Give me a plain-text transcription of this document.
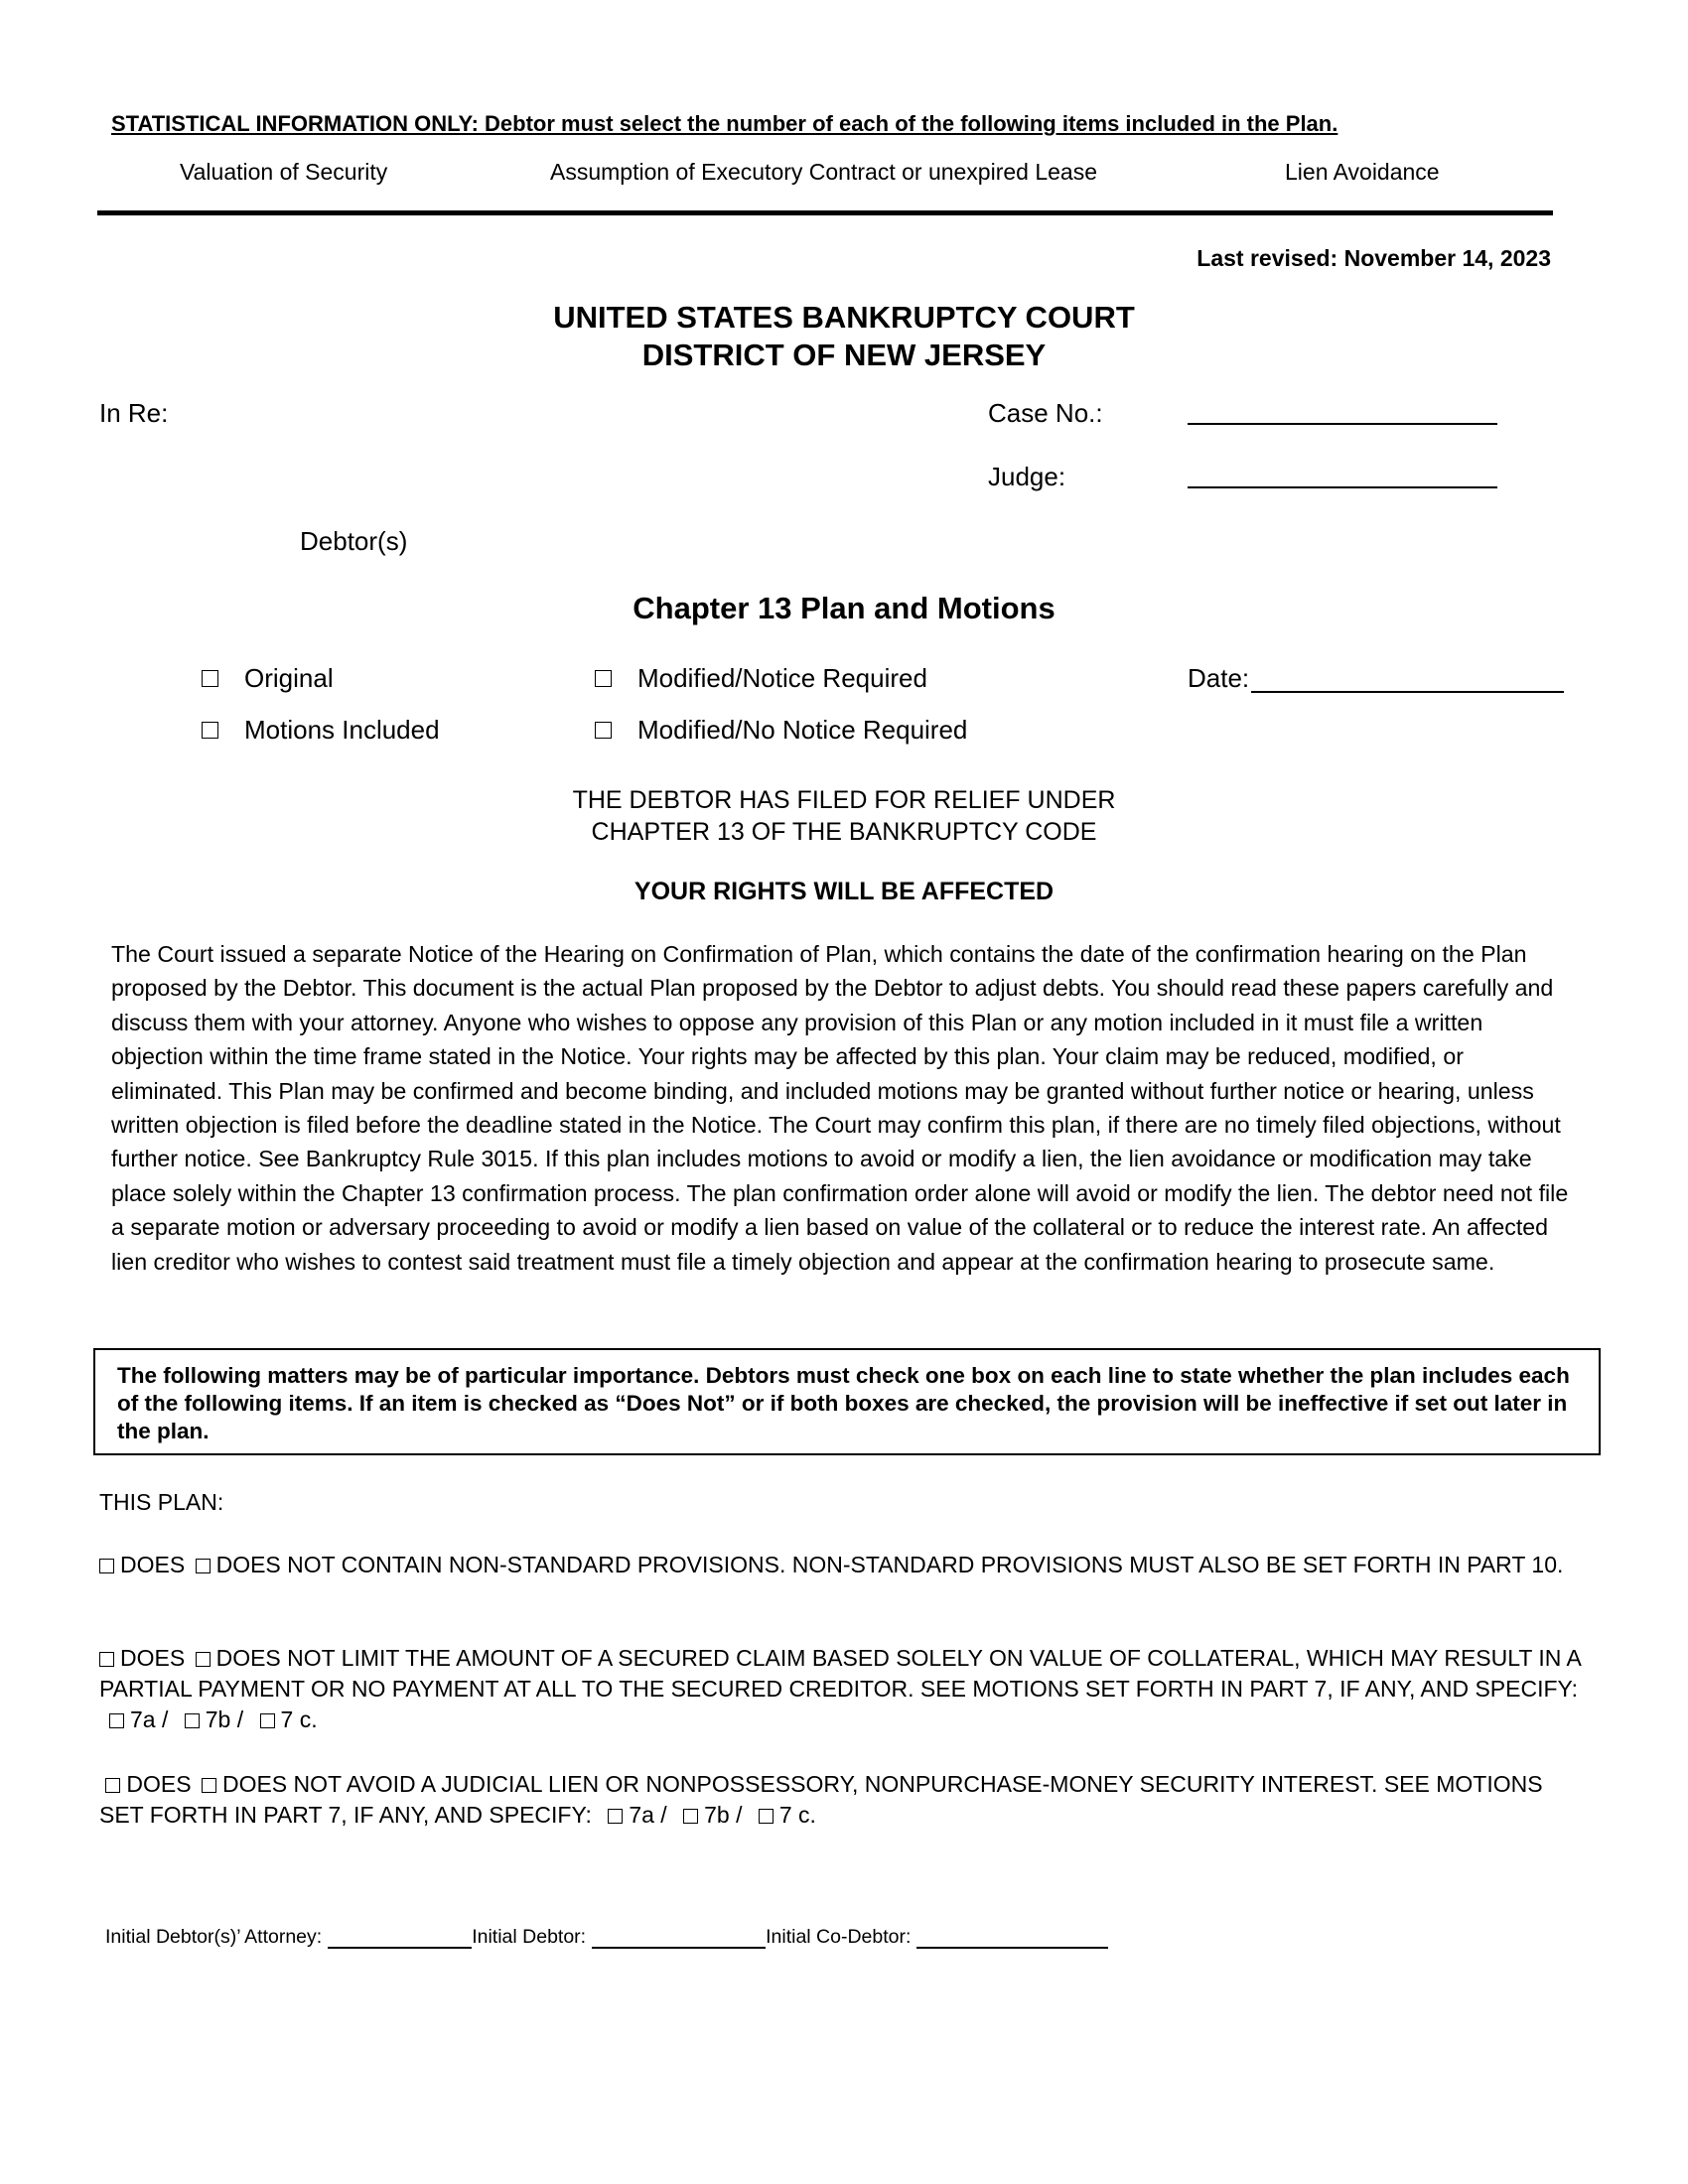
STATISTICAL INFORMATION ONLY: Debtor must select the number of each of the following items included in the Plan.
Valuation of Security	Assumption of Executory Contract or unexpired Lease	Lien Avoidance
Last revised: November 14, 2023
UNITED STATES BANKRUPTCY COURT
DISTRICT OF NEW JERSEY
In Re:	Case No.:
Judge:
Debtor(s)
Chapter 13 Plan and Motions
Original
Motions Included
Modified/Notice Required
Modified/No Notice Required
Date:
THE DEBTOR HAS FILED FOR RELIEF UNDER
CHAPTER 13 OF THE BANKRUPTCY CODE
YOUR RIGHTS WILL BE AFFECTED
The Court issued a separate Notice of the Hearing on Confirmation of Plan, which contains the date of the confirmation hearing on the Plan proposed by the Debtor. This document is the actual Plan proposed by the Debtor to adjust debts. You should read these papers carefully and discuss them with your attorney. Anyone who wishes to oppose any provision of this Plan or any motion included in it must file a written objection within the time frame stated in the Notice. Your rights may be affected by this plan. Your claim may be reduced, modified, or eliminated. This Plan may be confirmed and become binding, and included motions may be granted without further notice or hearing, unless written objection is filed before the deadline stated in the Notice. The Court may confirm this plan, if there are no timely filed objections, without further notice. See Bankruptcy Rule 3015. If this plan includes motions to avoid or modify a lien, the lien avoidance or modification may take place solely within the Chapter 13 confirmation process. The plan confirmation order alone will avoid or modify the lien. The debtor need not file a separate motion or adversary proceeding to avoid or modify a lien based on value of the collateral or to reduce the interest rate. An affected lien creditor who wishes to contest said treatment must file a timely objection and appear at the confirmation hearing to prosecute same.
The following matters may be of particular importance. Debtors must check one box on each line to state whether the plan includes each of the following items. If an item is checked as “Does Not” or if both boxes are checked, the provision will be ineffective if set out later in the plan.
THIS PLAN:
DOES DOES NOT CONTAIN NON-STANDARD PROVISIONS. NON-STANDARD PROVISIONS MUST ALSO BE SET FORTH IN PART 10.
DOES DOES NOT LIMIT THE AMOUNT OF A SECURED CLAIM BASED SOLELY ON VALUE OF COLLATERAL, WHICH MAY RESULT IN A PARTIAL PAYMENT OR NO PAYMENT AT ALL TO THE SECURED CREDITOR. SEE MOTIONS SET FORTH IN PART 7, IF ANY, AND SPECIFY: 7a / 7b / 7 c.
DOES DOES NOT AVOID A JUDICIAL LIEN OR NONPOSSESSORY, NONPURCHASE-MONEY SECURITY INTEREST. SEE MOTIONS SET FORTH IN PART 7, IF ANY, AND SPECIFY: 7a / 7b / 7 c.
Initial Debtor(s)’ Attorney:	Initial Debtor:	Initial Co-Debtor:
